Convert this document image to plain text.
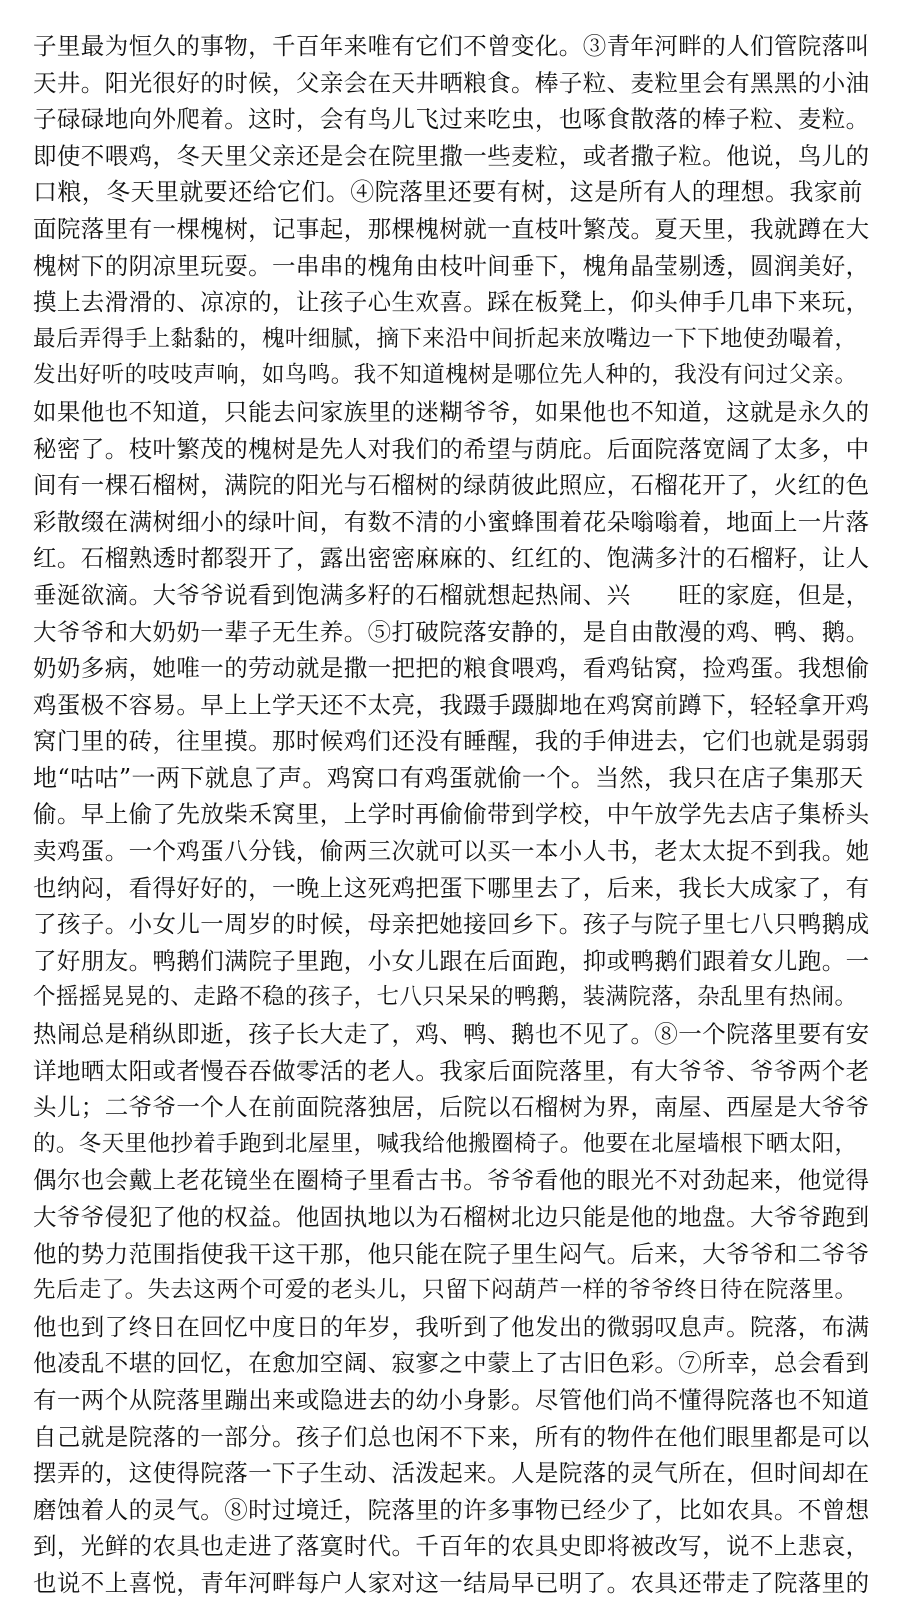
子里最为恒久的事物，千百年来唯有它们不曾变化。③青年河畔的人们管院落叫
天井。阳光很好的时候，父亲会在天井晒粮食。棒子粒、麦粒里会有黑黑的小油
子碌碌地向外爬着。这时，会有鸟儿飞过来吃虫，也啄食散落的棒子粒、麦粒。
即使不喂鸡，冬天里父亲还是会在院里撒一些麦粒，或者撒子粒。他说，鸟儿的
口粮，冬天里就要还给它们。④院落里还要有树，这是所有人的理想。我家前
面院落里有一棵槐树，记事起，那棵槐树就一直枝叶繁茂。夏天里，我就蹲在大
槐树下的阴凉里玩耍。一串串的槐角由枝叶间垂下，槐角晶莹剔透，圆润美好，
摸上去滑滑的、凉凉的，让孩子心生欢喜。踩在板凳上，仰头伸手几串下来玩，
最后弄得手上黏黏的，槐叶细腻，摘下来沿中间折起来放嘴边一下下地使劲嘬着，
发出好听的吱吱声响，如鸟鸣。我不知道槐树是哪位先人种的，我没有问过父亲。
如果他也不知道，只能去问家族里的迷糊爷爷，如果他也不知道，这就是永久的
秘密了。枝叶繁茂的槐树是先人对我们的希望与荫庇。后面院落宽阔了太多，中
间有一棵石榴树，满院的阳光与石榴树的绿荫彼此照应，石榴花开了，火红的色
彩散缀在满树细小的绿叶间，有数不清的小蜜蜂围着花朵嗡嗡着，地面上一片落
红。石榴熟透时都裂开了，露出密密麻麻的、红红的、饱满多汁的石榴籽，让人
垂涎欲滴。大爷爷说看到饱满多籽的石榴就想起热闹、兴　　旺的家庭，但是，
大爷爷和大奶奶一辈子无生养。⑤打破院落安静的，是自由散漫的鸡、鸭、鹅。
奶奶多病，她唯一的劳动就是撒一把把的粮食喂鸡，看鸡钻窝，捡鸡蛋。我想偷
鸡蛋极不容易。早上上学天还不太亮，我蹑手蹑脚地在鸡窝前蹲下，轻轻拿开鸡
窝门里的砖，往里摸。那时候鸡们还没有睡醒，我的手伸进去，它们也就是弱弱
地“咕咕”一两下就息了声。鸡窝口有鸡蛋就偷一个。当然，我只在店子集那天
偷。早上偷了先放柴禾窝里，上学时再偷偷带到学校，中午放学先去店子集桥头
卖鸡蛋。一个鸡蛋八分钱，偷两三次就可以买一本小人书，老太太捉不到我。她
也纳闷，看得好好的，一晚上这死鸡把蛋下哪里去了，后来，我长大成家了，有
了孩子。小女儿一周岁的时候，母亲把她接回乡下。孩子与院子里七八只鸭鹅成
了好朋友。鸭鹅们满院子里跑，小女儿跟在后面跑，抑或鸭鹅们跟着女儿跑。一
个摇摇晃晃的、走路不稳的孩子，七八只呆呆的鸭鹅，装满院落，杂乱里有热闹。
热闹总是稍纵即逝，孩子长大走了，鸡、鸭、鹅也不见了。⑧一个院落里要有安
详地晒太阳或者慢吞吞做零活的老人。我家后面院落里，有大爷爷、爷爷两个老
头儿；二爷爷一个人在前面院落独居，后院以石榴树为界，南屋、西屋是大爷爷
的。冬天里他抄着手跑到北屋里，喊我给他搬圈椅子。他要在北屋墙根下晒太阳，
偶尔也会戴上老花镜坐在圈椅子里看古书。爷爷看他的眼光不对劲起来，他觉得
大爷爷侵犯了他的权益。他固执地以为石榴树北边只能是他的地盘。大爷爷跑到
他的势力范围指使我干这干那，他只能在院子里生闷气。后来，大爷爷和二爷爷
先后走了。失去这两个可爱的老头儿，只留下闷葫芦一样的爷爷终日待在院落里。
他也到了终日在回忆中度日的年岁，我听到了他发出的微弱叹息声。院落，布满
他凌乱不堪的回忆，在愈加空阔、寂寥之中蒙上了古旧色彩。⑦所幸，总会看到
有一两个从院落里蹦出来或隐进去的幼小身影。尽管他们尚不懂得院落也不知道
自己就是院落的一部分。孩子们总也闲不下来，所有的物件在他们眼里都是可以
摆弄的，这使得院落一下子生动、活泼起来。人是院落的灵气所在，但时间却在
磨蚀着人的灵气。⑧时过境迁，院落里的许多事物已经少了，比如农具。不曾想
到，光鲜的农具也走进了落寞时代。千百年的农具史即将被改写，说不上悲哀，
也说不上喜悦，青年河畔每户人家对这一结局早已明了。农具还带走了院落里的
